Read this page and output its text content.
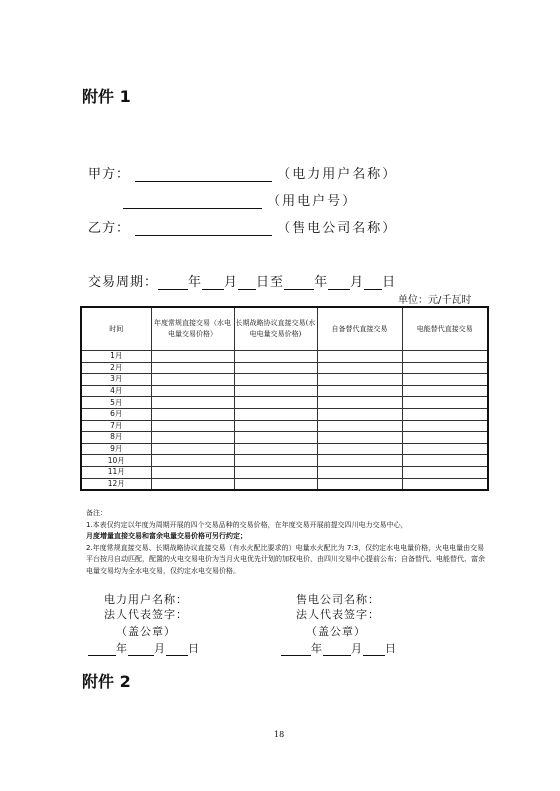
附件 1
甲方：	（电力用户名称）
（用电户号）
乙方：	（售电公司名称）
交易周期： 年 月 日至 年 月 日
单位：元/千瓦时
时间	年度常规直接交易（水电电量交易价格）	长期战略协议直接交易(水电电量交易价格)	自备替代直接交易	电能替代直接交易
1月				
2月				
3月				
4月				
5月				
6月				
7月				
8月				
9月				
10月				
11月				
12月				
备注：
1.本表仅约定以年度为周期开展的四个交易品种的交易价格，在年度交易开展前提交四川电力交易中心，
月度增量直接交易和富余电量交易价格可另行约定；
2.年度常规直接交易、长期战略协议直接交易（有水火配比要求的）电量水火配比为 7:3，仅约定水电电量价格，火电电量由交易平台按月自动匹配，配置的火电交易电价为当月火电优先计划的加权电价，由四川交易中心提前公布；自备替代、电能替代、富余电量交易均为全水电交易，仅约定水电交易价格。
电力用户名称：
法人代表签字：
（盖公章）
售电公司名称：
法人代表签字：
（盖公章）
年 月 日	年	月 日
附件 2
18
